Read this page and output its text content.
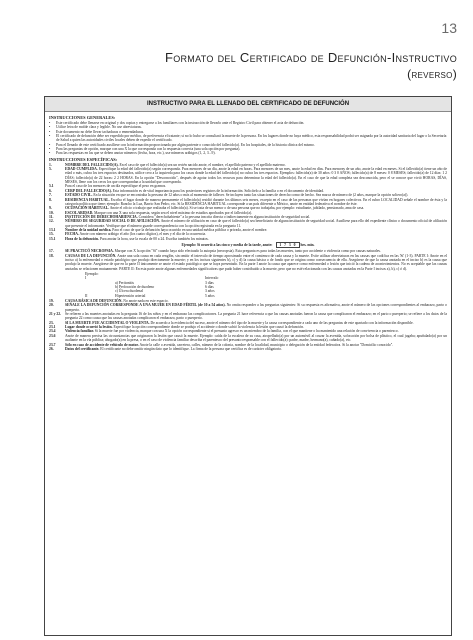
13
Formato del Certificado de Defunción-Instructivo
(reverso)
INSTRUCTIVO PARA EL LLENADO DEL CERTIFICADO DE DEFUNCIÓN
INSTRUCCIONES GENERALES:
•	Este certificado debe llenarse en original y dos copias y entregarse a los familiares con la instrucción de llevarlo ante el Registro Civil para obtener el acta de defunción.
•	Utilice letra de molde clara y legible. No use abreviaturas.
•	Este documento no debe llevar tachaduras o enmendaduras.
•	El certificado de defunción debe ser expedido por médico, de preferencia el tratante; si no lo hubo se consultará la muerte de la persona. En los lugares donde no haya médico, esta responsabilidad podrá ser asignada por la autoridad sanitaria del lugar o la Secretaría de Salud a quien las autoridades civiles locales deben de expedir el certificado.
•	Para el llenado de este certificado auxíliese con la información proporcionada por algún pariente o conocido del fallecido(a). En los hospitales, de la historia clínica del mismo.
•	Para las preguntas de opción, marque con una X la que corresponda con la respuesta correcta (una sola opción por pregunta).
•	Para las respuestas en las que se deben anotar números (fecha, hora, etc.), use números arábigos (1, 2, 3...9).
INSTRUCCIONES ESPECÍFICAS:
1.	NOMBRE DEL FALLECIDO(A). En el caso de que el fallecido(a) sea un recién nacido anote, el nombre, el apellido paterno y el apellido materno.
5.	EDAD CUMPLIDA. Especifique la edad del fallecido(a) según corresponda. Para menores de un día, anote la edad en horas. Para menores de un mes, anote la edad en días. Para menores de un año, anote la edad en meses. Si el fallecido(a) tiene un año de edad o más, cubra los tres espacios destinados, utilice cero a la izquierda para los casos donde la edad del fallecido(a) no cubra los tres espacios. Ejemplos: fallecido(a) de 30 años: 0 3 0 AÑOS; fallecido(a) de 8 meses: 0 8 MESES; fallecido(a) de 12 días: 1 2 DÍAS; fallecido(a) de 22 horas: 2 2 HORAS. En la opción "Desconocido", después de agotar todos los recursos para determinar la edad del fallecido(a). En el caso de que la edad completa sea desconocida, pero el se conoce que vivió HORAS, DÍAS, MESES, llene con los ceros los que correspondan a la unidad que corresponda.
5.1	Para el caso de los menores de un día especifique el peso en gramos.
6.	CERP DEL FALLECIDO(A). Esta información es de vital importancia para los posteriores registros de la información. Solicítelo a la familia o en el documento de identidad.
7.	ESTADO CIVIL. En la situación en que se encontraba la persona de 12 años o más al momento de fallecer. Se incluyen tanto las situaciones de derecho como de hecho. Sea marca de número de (2 años, marque la opción soltero(a)).
8.	RESIDENCIA HABITUAL. Escriba el lugar donde de manera permanente el fallecido(a) residió durante los últimos seis meses, excepto en el caso de las personas que vivían en hogares colectivos. En el rubro LOCALIDAD señale el nombre de ésta y la categoría política que tiene; ejemplo: Rancho la Luz, Barrio San Pedro, etc. Si la RESIDENCIA HABITUAL corresponde a un país diferente a México, anote en entidad federativa el nombre de éste.
9.	OCUPACIÓN HABITUAL. Anote el oficio o trabajo que realizaba el fallecido(a). Si se trata de un menor o de una persona que no trabajaba, por ejemplo: estudiante, jubilado, pensionado, ama de casa.
10.	ESCOLARIDAD. Marque con una X una sola respuesta, según sea el nivel máximo de estudios aprobados por el fallecido(a).
11.	INSTITUCIÓN DE DERECHOHABIENCIA. Considera "derechohabiente" a la persona inscrita directa o indirectamente en alguna institución de seguridad social.
12.	NÚMERO DE SEGURIDAD SOCIAL O DE AFILIACIÓN. Anote el número de afiliación en caso de que el fallecido(a) sea beneficiario de alguna institución de seguridad social. Auxíliese para ello del expediente clínico o documento oficial de afiliación que presente el informante. Verifique que el número guarde correspondencia con la opción registrada en la pregunta 11.
13.1	Nombre de la unidad médica. Para el caso de que la defunción haya ocurrido en una unidad médica pública o privada, anote el nombre.
15.	FECHA. Anote con número arábigo el año (los cuatro dígitos), el mes y el día de la ocurrencia.
15.1	Hora de la defunción. Para anotar la hora, use la escala de 00 a 24. Escriba también los minutos.
Ejemplo: Si ocurrió a las cinco y media de la tarde, anote: 1 7 3 0 hrs. min.
17.	SE PRACTICÓ NECROPSIA. Marque con X la opción "Sí" cuando haya sido efectuado la autopsia (necropsia). Esta pregunta es para todas las muertes, tanto por accidente o violencia como por causas naturales.
18.	CAUSAS DE LA DEFUNCIÓN. Anote una sola causa en cada renglón, sin omitir el intervalo de tiempo aproximado entre el comienzo de cada causa y la muerte. Evite utilizar abreviaturas en las causas que codifica en las 'Sí' (1-3). PARTE I: Anote en el inciso a) la enfermedad o estado patológico que produjo directamente la muerte; y en los incisos siguientes b), c) y d) la causa básica o de fondo que se origina como consecuencia de ella. Asegúrese de que la causa anotada en el inciso b) es la causa que produjo la muerte. Asegúrese de que en la parte II únicamente se anote el estado patológico que se haya presentado. En la parte I anote la causa que aparece como enfermedad o lesión que inició la cadena de acontecimientos. No es aceptable que las causas anotadas se relacionen mutuamente. PARTE II: En esta parte anote algunas enfermedades significativas que pudo haber contribuido a la muerte, pero que no esté relacionada con las causas anotadas en la Parte I incisos a), b), c) ó d).
Ejemplo:
I	Intervalo
a) Peritonitis	3 días
b) Perforación de duodeno	6 días
c) Úlcera duodenal	3 años
II	Hipertensión arterial	5 años
19.	CAUSA BÁSICA DE DEFUNCIÓN. No anote nada en este espacio.
20.	SEÑALE LA DEFUNCIÓN CORRESPONDE A UNA MUJER EN EDAD FÉRTIL (de 10 a 54 años). No omita responder a las preguntas siguientes: Si su respuesta es afirmativa, anote el número de las opciones correspondientes al embarazo, parto o puerperio.
21 y 22.	Se refieren a las muertes anotadas en la pregunta 16 de los niños y en el embarazo las complicaciones. La pregunta 21 hace referencia a que las causas anotadas fueron la causa que complicaron el embarazo; en el parto o puerperio; se refiere a los datos de la pregunta 22 como causa que las causas anotadas complicaron el embarazo, parto o puerperio.
23.	SI LA MUERTE FUE ACCIDENTAL O VIOLENTA. De acuerdo a la evidencia del suceso, anote el número del tipo de la muerte y la causa correspondiente a cada uno de las preguntas de este apartado con la información disponible.
23.1	Lugar donde ocurrió la lesión. Especifique la opción correspondiente donde se produjo el accidente o donde sufrió la violencia la lesión que causó la defunción.
23.4	Violencia familiar. Si la muerte fue por violencia, marque con una X la opción correspondiente si el presunto agresor es un miembro de la familia, con el que mantiene o ha mantenido una relación de convivencia o parentesco.
23.6	Anote de manera precisa las circunstancias que originaron la lesión que causó la muerte. Ejemplo: caída de la escalera de su casa, atropellado(a) por un automóvil al cruzar la avenida, sofocación por bolsa de plástico, el cual jugaba; apuñalado(a) por un asaltante en la vía pública; ahogado(a) en la presa, o en el caso de violencia familiar describa el parentesco del presunto responsable con el fallecido(a): padre, madre, hermano(a), cuñado(a), etc.
23.7	Sólo en caso de accidente de vehículo de motor. Anote la calle o avenida, carretera, calles, número de la colonia, nombre de la localidad, municipio o delegación de la entidad federativa. Si la anotar "Domicilio conocido".
26.	Datos del certificante. El certificante no debe omitir ningún dato que lo identifique. La firma de la persona que certifica es de carácter obligatorio.
